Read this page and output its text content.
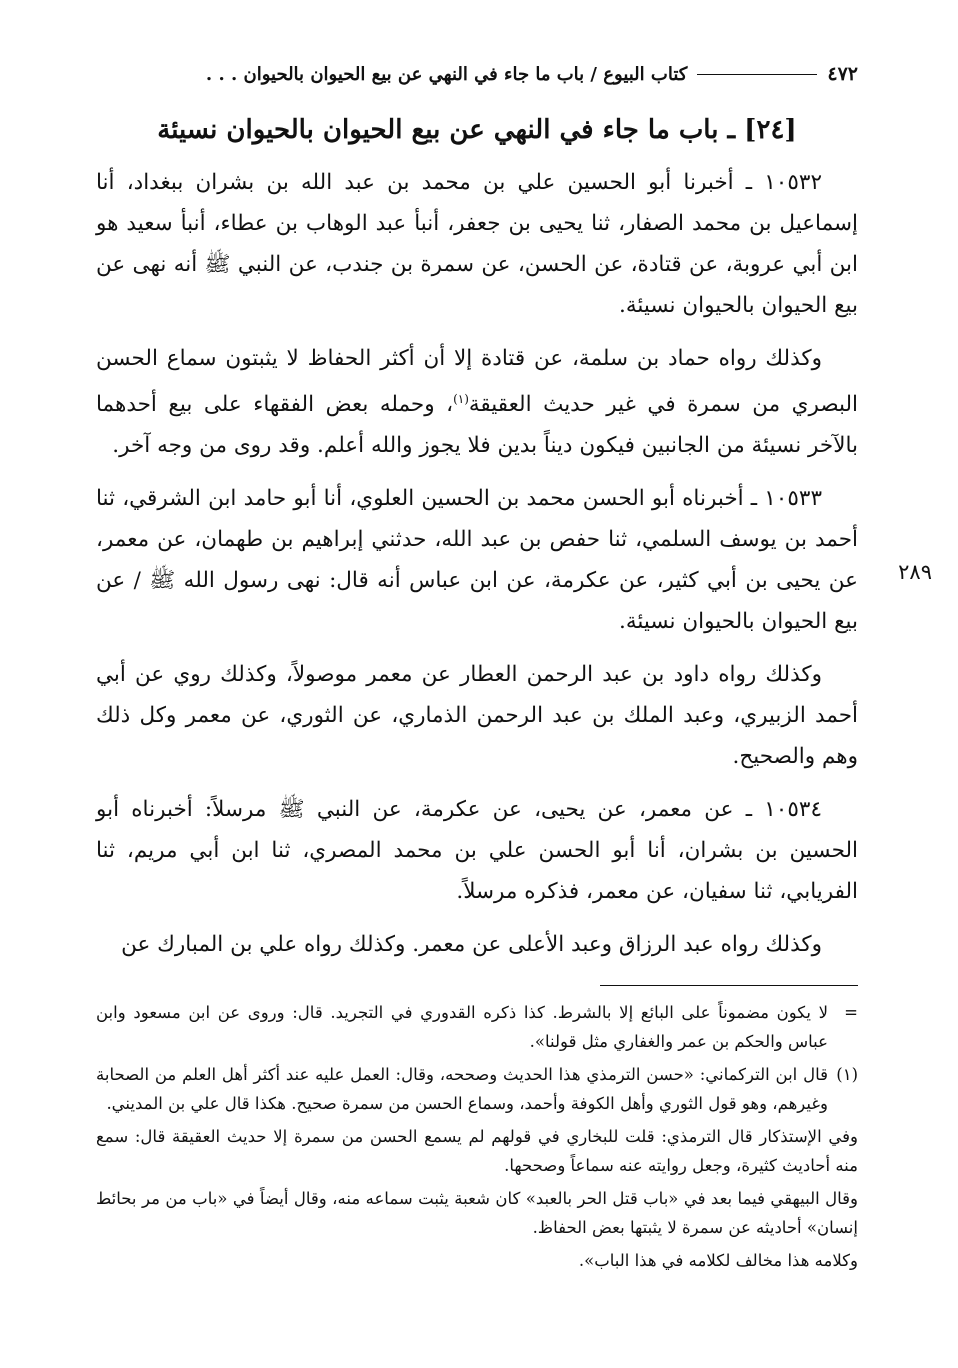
٤٧٢
كتاب البيوع / باب ما جاء في النهي عن بيع الحيوان بالحيوان . . .
[٢٤] ـ باب ما جاء في النهي عن بيع الحيوان بالحيوان نسيئة

١٠٥٣٢ ـ أخبرنا أبو الحسين علي بن محمد بن عبد الله بن بشران ببغداد، أنا إسماعيل بن محمد الصفار، ثنا يحيى بن جعفر، أنبأ عبد الوهاب بن عطاء، أنبأ سعيد هو ابن أبي عروبة، عن قتادة، عن الحسن، عن سمرة بن جندب، عن النبي ﷺ أنه نهى عن بيع الحيوان بالحيوان نسيئة.

وكذلك رواه حماد بن سلمة، عن قتادة إلا أن أكثر الحفاظ لا يثبتون سماع الحسن البصري من سمرة في غير حديث العقيقة$^{(١)}$، وحمله بعض الفقهاء على بيع أحدهما بالآخر نسيئة من الجانبين فيكون ديناً بدين فلا يجوز والله أعلم. وقد روى من وجه آخر.

٢٨٩

١٠٥٣٣ ـ أخبرناه أبو الحسن محمد بن الحسين العلوي، أنا أبو حامد ابن الشرقي، ثنا أحمد بن يوسف السلمي، ثنا حفص بن عبد الله، حدثني إبراهيم بن طهمان، عن معمر، عن يحيى بن أبي كثير، عن عكرمة، عن ابن عباس أنه قال: نهى رسول الله ﷺ / عن بيع الحيوان بالحيوان نسيئة.

وكذلك رواه داود بن عبد الرحمن العطار عن معمر موصولاً، وكذلك روي عن أبي أحمد الزبيري، وعبد الملك بن عبد الرحمن الذماري، عن الثوري، عن معمر وكل ذلك وهم والصحيح.

١٠٥٣٤ ـ عن معمر، عن يحيى، عن عكرمة، عن النبي ﷺ مرسلاً: أخبرناه أبو الحسين بن بشران، أنا أبو الحسن علي بن محمد المصري، ثنا ابن أبي مريم، ثنا الفريابي، ثنا سفيان، عن معمر، فذكره مرسلاً.

وكذلك رواه عبد الرزاق وعبد الأعلى عن معمر. وكذلك رواه علي بن المبارك عن

=
لا يكون مضموناً على البائع إلا بالشرط. كذا ذكره القدوري في التجريد. قال: وروى عن ابن مسعود وابن عباس والحكم بن عمر والغفاري مثل قولنا».
(١)
قال ابن التركماني: «حسن الترمذي هذا الحديث وصححه، وقال: العمل عليه عند أكثر أهل العلم من الصحابة وغيرهم، وهو قول الثوري وأهل الكوفة وأحمد، وسماع الحسن من سمرة صحيح. هكذا قال علي بن المديني.

وفي الإستذكار قال الترمذي: قلت للبخاري في قولهم لم يسمع الحسن من سمرة إلا حديث العقيقة قال: سمع منه أحاديث كثيرة، وجعل روايته عنه سماعاً وصححها.

وقال البيهقي فيما بعد في «باب قتل الحر بالعبد» كان شعبة يثبت سماعه منه، وقال أيضاً في «باب من مر بحائط إنسان» أحاديثه عن سمرة لا يثبتها بعض الحفاظ.

وكلامه هذا مخالف لكلامه في هذا الباب».
